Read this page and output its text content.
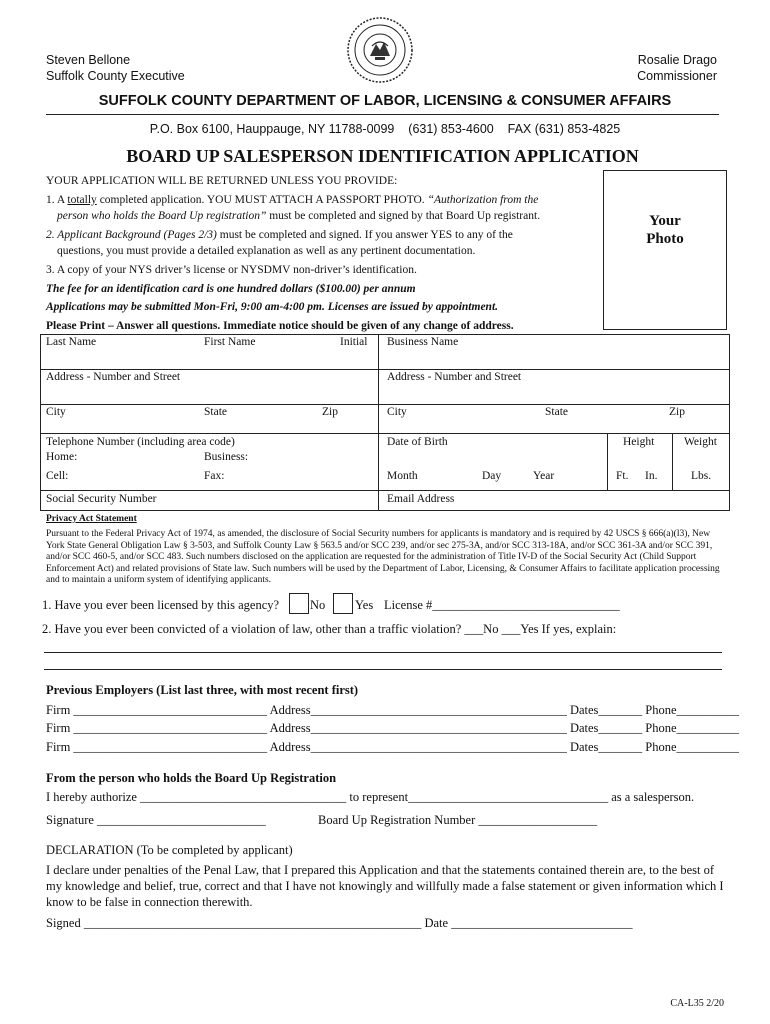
Steven Bellone
Suffolk County Executive
Rosalie Drago
Commissioner
SUFFOLK COUNTY DEPARTMENT OF LABOR, LICENSING & CONSUMER AFFAIRS
P.O. Box 6100, Hauppauge, NY 11788-0099    (631) 853-4600    FAX (631) 853-4825
BOARD UP SALESPERSON IDENTIFICATION APPLICATION
Your
Photo
YOUR APPLICATION WILL BE RETURNED UNLESS YOU PROVIDE:
1. A totally completed application. YOU MUST ATTACH A PASSPORT PHOTO. “Authorization from the
person who holds the Board Up registration” must be completed and signed by that Board Up registrant.
2. Applicant Background (Pages 2/3) must be completed and signed. If you answer YES to any of the
questions, you must provide a detailed explanation as well as any pertinent documentation.
3. A copy of your NYS driver’s license or NYSDMV non-driver’s identification.
The fee for an identification card is one hundred dollars ($100.00) per annum
Applications may be submitted Mon-Fri, 9:00 am-4:00 pm. Licenses are issued by appointment.
Please Print – Answer all questions. Immediate notice should be given of any change of address.
Last Name	First Name	Initial Business Name
Address - Number and Street	Address - Number and Street
City	State	Zip	City	State	Zip
Telephone Number (including area code)
Home:	Business:
Cell:	Fax:
Date of Birth
Month	Day	Year
Height
Ft. In.
Weight
Lbs.
Social Security Number	Email Address
Privacy Act Statement
Pursuant to the Federal Privacy Act of 1974, as amended, the disclosure of Social Security numbers for applicants is mandatory and is required by 42 USCS § 666(a)(l3), New York State General Obligation Law § 3-503, and Suffolk County Law § 563.5 and/or SCC 239, and/or sec 275-3A, and/or SCC 313-18A, and/or SCC 361-3A and/or SCC 391, and/or SCC 460-5, and/or SCC 483. Such numbers disclosed on the application are requested for the administration of Title IV-D of the Social Security Act (Child Support Enforcement Act) and related provisions of State law. Such numbers will be used by the Department of Labor, Licensing, & Consumer Affairs to facilitate application processing and to maintain a uniform system of identifying applicants.
1. Have you ever been licensed by this agency? No Yes License #______________________________
2. Have you ever been convicted of a violation of law, other than a traffic violation? ___No ___Yes If yes, explain:
Previous Employers (List last three, with most recent first)
Firm _______________________________ Address_________________________________________ Dates_______ Phone__________
Firm _______________________________ Address_________________________________________ Dates_______ Phone__________
Firm _______________________________ Address_________________________________________ Dates_______ Phone__________
From the person who holds the Board Up Registration
I hereby authorize _________________________________ to represent________________________________ as a salesperson.
Signature ___________________________	Board Up Registration Number ___________________
DECLARATION (To be completed by applicant)
I declare under penalties of the Penal Law, that I prepared this Application and that the statements contained therein are, to the best of my knowledge and belief, true, correct and that I have not knowingly and willfully made a false statement or given information which I know to be false in connection therewith.
Signed ______________________________________________________ Date _____________________________
CA-L35 2/20
